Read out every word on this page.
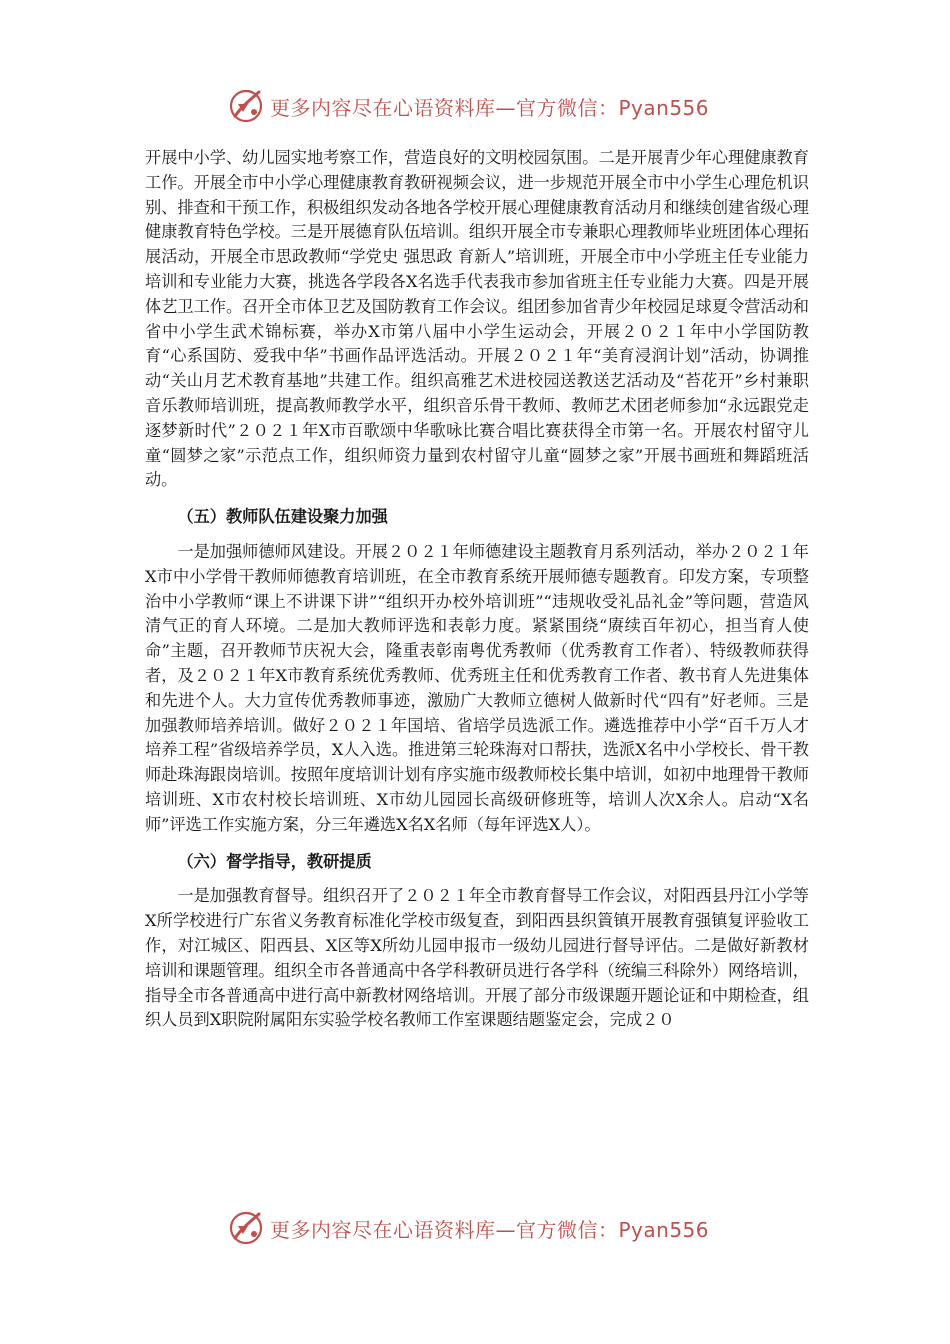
更多内容尽在心语资料库—官方微信：Pyan556

开展中小学、幼儿园实地考察工作，营造良好的文明校园氛围。二是开展青少年心理健康教育工作。开展全市中小学心理健康教育教研视频会议，进一步规范开展全市中小学生心理危机识别、排查和干预工作，积极组织发动各地各学校开展心理健康教育活动月和继续创建省级心理健康教育特色学校。三是开展德育队伍培训。组织开展全市专兼职心理教师毕业班团体心理拓展活动，开展全市思政教师“学党史 强思政 育新人”培训班，开展全市中小学班主任专业能力培训和专业能力大赛，挑选各学段各X名选手代表我市参加省班主任专业能力大赛。四是开展体艺卫工作。召开全市体卫艺及国防教育工作会议。组团参加省青少年校园足球夏令营活动和省中小学生武术锦标赛，举办X市第八届中小学生运动会，开展２０２１年中小学国防教育“心系国防、爱我中华”书画作品评选活动。开展２０２１年“美育浸润计划”活动，协调推动“关山月艺术教育基地”共建工作。组织高雅艺术进校园送教送艺活动及“苔花开”乡村兼职音乐教师培训班，提高教师教学水平，组织音乐骨干教师、教师艺术团老师参加“永远跟党走 逐梦新时代”２０２１年X市百歌颂中华歌咏比赛合唱比赛获得全市第一名。开展农村留守儿童“圆梦之家”示范点工作，组织师资力量到农村留守儿童“圆梦之家”开展书画班和舞蹈班活动。

（五）教师队伍建设聚力加强

一是加强师德师风建设。开展２０２１年师德建设主题教育月系列活动，举办２０２１年X市中小学骨干教师师德教育培训班，在全市教育系统开展师德专题教育。印发方案，专项整治中小学教师“课上不讲课下讲”“组织开办校外培训班”“违规收受礼品礼金”等问题，营造风清气正的育人环境。二是加大教师评选和表彰力度。紧紧围绕“赓续百年初心，担当育人使命”主题，召开教师节庆祝大会，隆重表彰南粤优秀教师（优秀教育工作者）、特级教师获得者，及２０２１年X市教育系统优秀教师、优秀班主任和优秀教育工作者、教书育人先进集体和先进个人。大力宣传优秀教师事迹，激励广大教师立德树人做新时代“四有”好老师。三是加强教师培养培训。做好２０２１年国培、省培学员选派工作。遴选推荐中小学“百千万人才培养工程”省级培养学员，X人入选。推进第三轮珠海对口帮扶，选派X名中小学校长、骨干教师赴珠海跟岗培训。按照年度培训计划有序实施市级教师校长集中培训，如初中地理骨干教师培训班、X市农村校长培训班、X市幼儿园园长高级研修班等，培训人次X余人。启动“X名师”评选工作实施方案，分三年遴选X名X名师（每年评选X人）。

（六）督学指导，教研提质

一是加强教育督导。组织召开了２０２１年全市教育督导工作会议，对阳西县丹江小学等X所学校进行广东省义务教育标准化学校市级复查，到阳西县织篢镇开展教育强镇复评验收工作，对江城区、阳西县、X区等X所幼儿园申报市一级幼儿园进行督导评估。二是做好新教材培训和课题管理。组织全市各普通高中各学科教研员进行各学科（统编三科除外）网络培训，指导全市各普通高中进行高中新教材网络培训。开展了部分市级课题开题论证和中期检查，组织人员到X职院附属阳东实验学校名教师工作室课题结题鉴定会，完成２０

更多内容尽在心语资料库—官方微信：Pyan556
